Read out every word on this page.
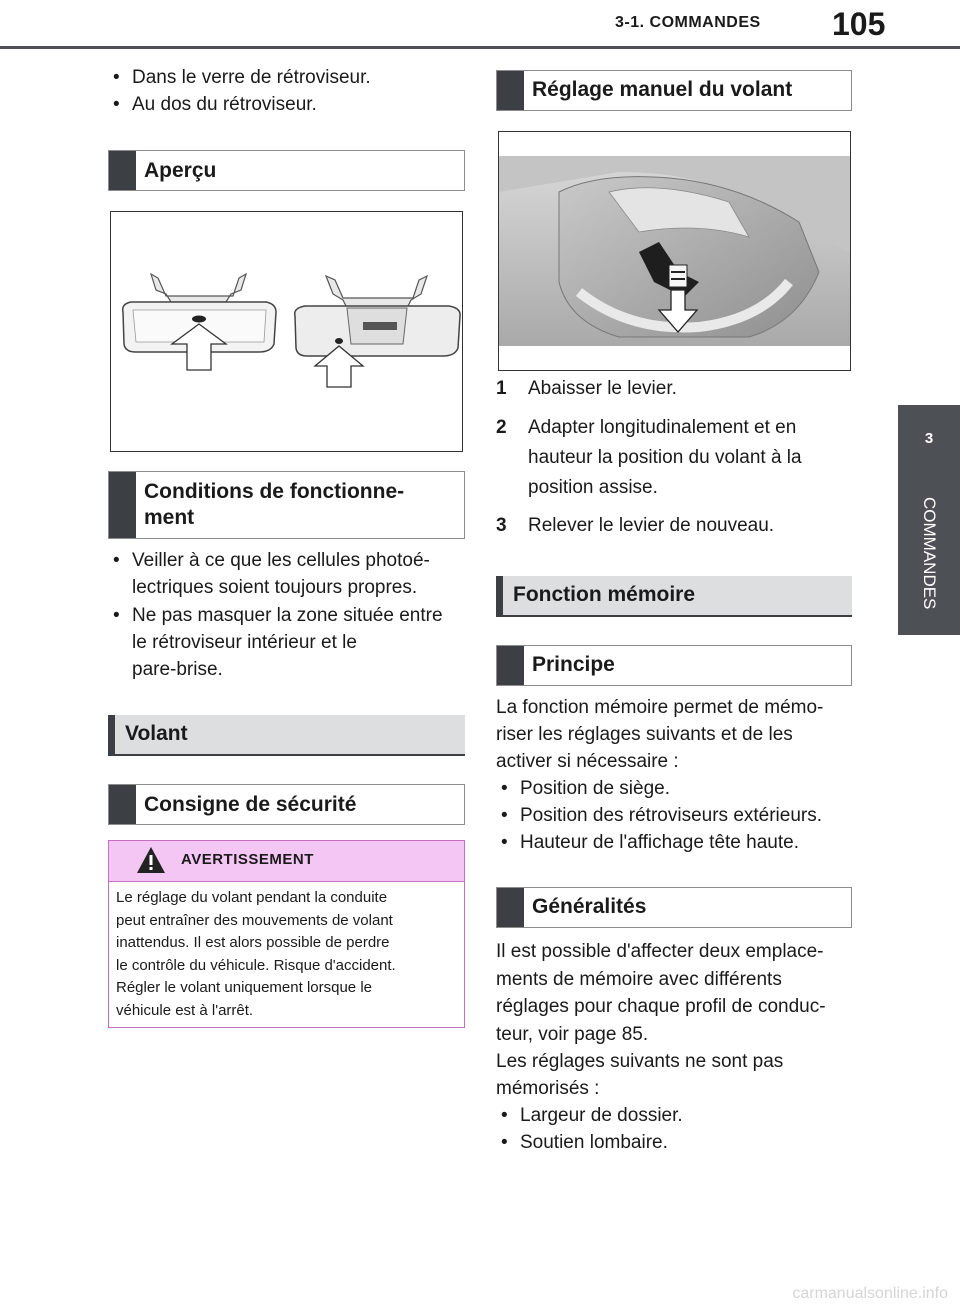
3-1. COMMANDES 105
3
COMMANDES
• Dans le verre de rétroviseur.
• Au dos du rétroviseur.
Aperçu
Conditions de fonctionne-
ment
• Veiller à ce que les cellules photoé-
lectriques soient toujours propres.
• Ne pas masquer la zone située entre
le rétroviseur intérieur et le
pare-brise.
Volant
Consigne de sécurité
AVERTISSEMENT
Le réglage du volant pendant la conduite
peut entraîner des mouvements de volant
inattendus. Il est alors possible de perdre
le contrôle du véhicule. Risque d'accident.
Régler le volant uniquement lorsque le
véhicule est à l'arrêt.
Réglage manuel du volant
1 Abaisser le levier.
2 Adapter longitudinalement et en
hauteur la position du volant à la
position assise.
3 Relever le levier de nouveau.
Fonction mémoire
Principe
La fonction mémoire permet de mémo-
riser les réglages suivants et de les
activer si nécessaire :
• Position de siège.
• Position des rétroviseurs extérieurs.
• Hauteur de l'affichage tête haute.
Généralités
Il est possible d'affecter deux emplace-
ments de mémoire avec différents
réglages pour chaque profil de conduc-
teur, voir page 85.
Les réglages suivants ne sont pas
mémorisés :
• Largeur de dossier.
• Soutien lombaire.
carmanualsonline.info
